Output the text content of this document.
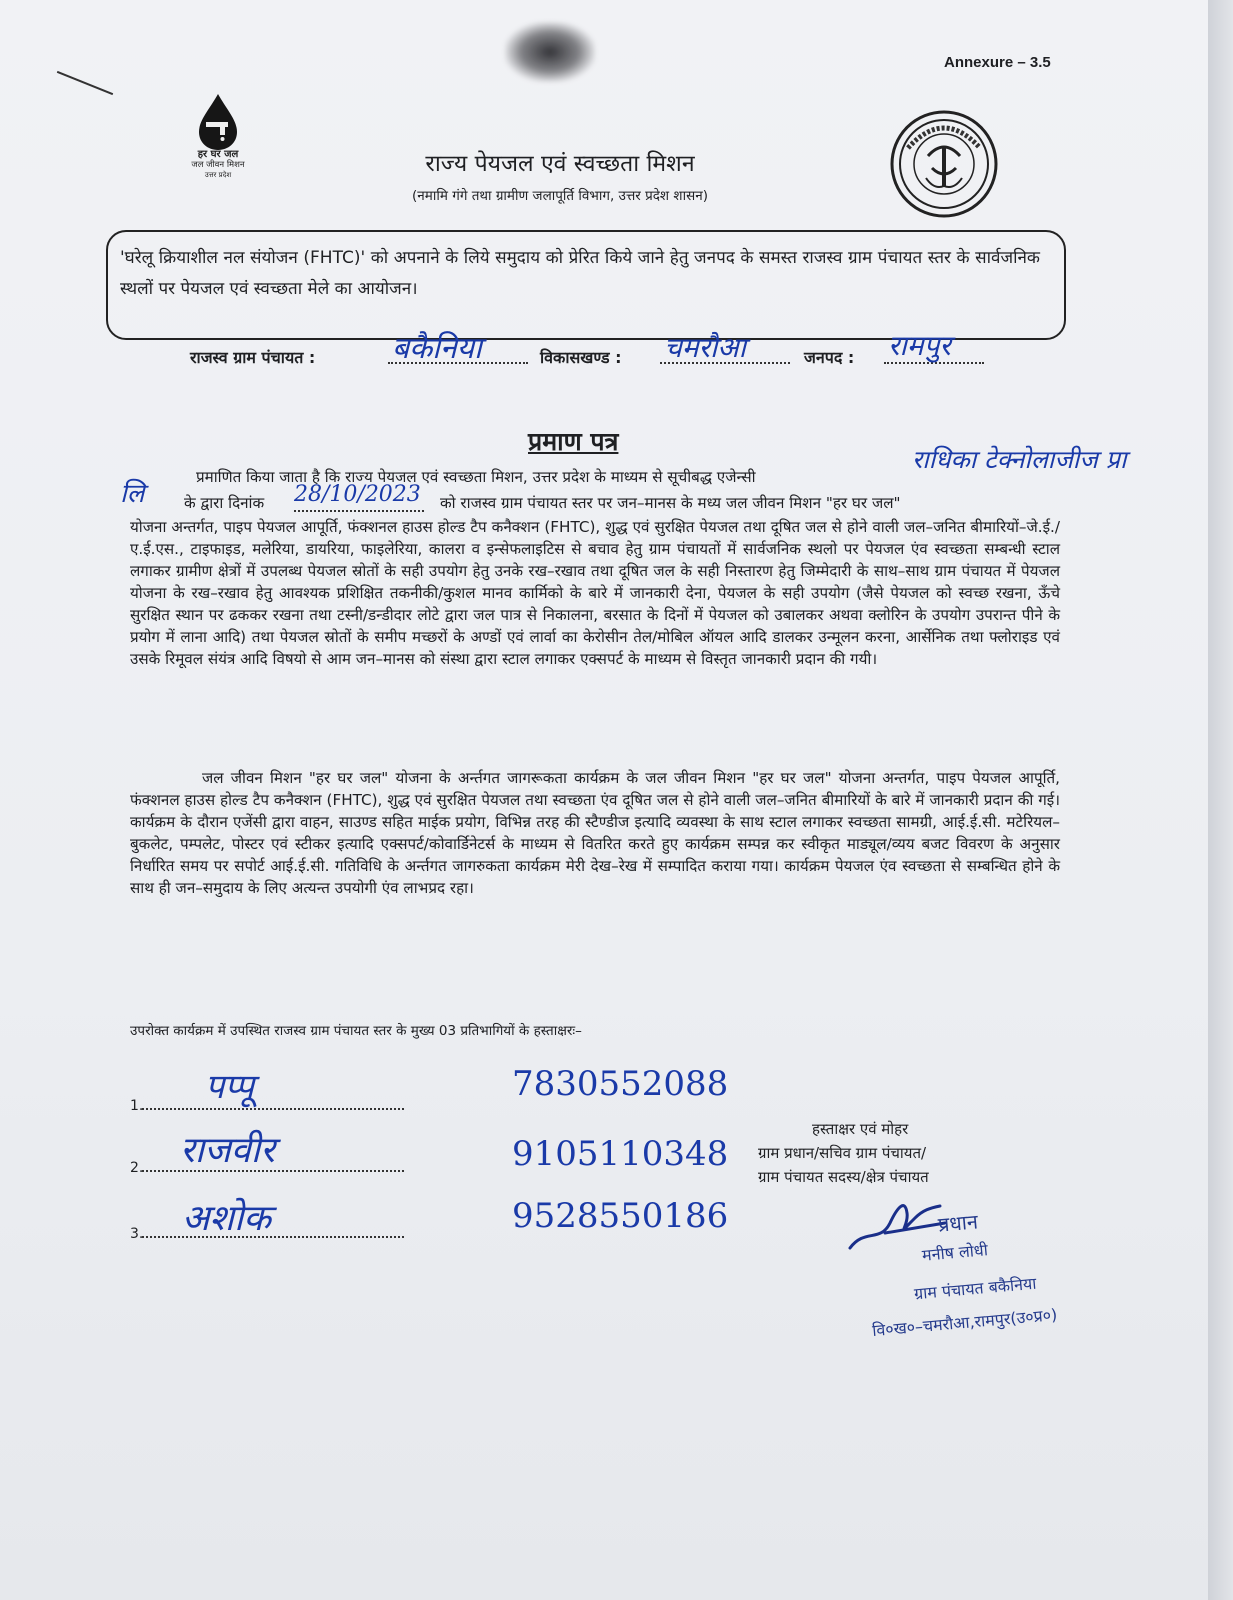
Annexure – 3.5
हर घर जल
जल जीवन मिशन
उत्तर प्रदेश	राज्य पेयजल एवं स्वच्छता मिशन
(नमामि गंगे तथा ग्रामीण जलापूर्ति विभाग, उत्तर प्रदेश शासन)
'घरेलू क्रियाशील नल संयोजन (FHTC)' को अपनाने के लिये समुदाय को प्रेरित किये जाने हेतु जनपद के समस्त राजस्व ग्राम पंचायत स्तर के सार्वजनिक स्थलों पर पेयजल एवं स्वच्छता मेले का आयोजन।
राजस्व ग्राम पंचायत :	बकैनिया	विकासखण्ड : चमरौआ	जनपद : रामपुर
प्रमाण पत्र
प्रमाणित किया जाता है कि राज्य पेयजल एवं स्वच्छता मिशन, उत्तर प्रदेश के माध्यम से सूचीबद्ध एजेन्सी
राधिका टेक्नोलाजीज प्रा
लि	के द्वारा दिनांक 28/10/2023 को राजस्व ग्राम पंचायत स्तर पर जन–मानस के मध्य जल जीवन मिशन "हर घर जल"
योजना अन्तर्गत, पाइप पेयजल आपूर्ति, फंक्शनल हाउस होल्ड टैप कनैक्शन (FHTC), शुद्ध एवं सुरक्षित पेयजल तथा दूषित जल से होने वाली जल–जनित बीमारियों–जे.ई./ए.ई.एस., टाइफाइड, मलेरिया, डायरिया, फाइलेरिया, कालरा व इन्सेफलाइटिस से बचाव हेतु ग्राम पंचायतों में सार्वजनिक स्थलो पर पेयजल एंव स्वच्छता सम्बन्धी स्टाल लगाकर ग्रामीण क्षेत्रों में उपलब्ध पेयजल स्रोतों के सही उपयोग हेतु उनके रख–रखाव तथा दूषित जल के सही निस्तारण हेतु जिम्मेदारी के साथ–साथ ग्राम पंचायत में पेयजल योजना के रख–रखाव हेतु आवश्यक प्रशिक्षित तकनीकी/कुशल मानव कार्मिको के बारे में जानकारी देना, पेयजल के सही उपयोग (जैसे पेयजल को स्वच्छ रखना, ऊँचे सुरक्षित स्थान पर ढककर रखना तथा टस्नी/डन्डीदार लोटे द्वारा जल पात्र से निकालना, बरसात के दिनों में पेयजल को उबालकर अथवा क्लोरिन के उपयोग उपरान्त पीने के प्रयोग में लाना आदि) तथा पेयजल स्रोतों के समीप मच्छरों के अण्डों एवं लार्वा का केरोसीन तेल/मोबिल ऑयल आदि डालकर उन्मूलन करना, आर्सेनिक तथा फ्लोराइड एवं उसके रिमूवल संयंत्र आदि विषयो से आम जन–मानस को संस्था द्वारा स्टाल लगाकर एक्सपर्ट के माध्यम से विस्तृत जानकारी प्रदान की गयी।
जल जीवन मिशन "हर घर जल" योजना के अर्न्तगत जागरूकता कार्यक्रम के जल जीवन मिशन "हर घर जल" योजना अन्तर्गत, पाइप पेयजल आपूर्ति, फंक्शनल हाउस होल्ड टैप कनैक्शन (FHTC), शुद्ध एवं सुरक्षित पेयजल तथा स्वच्छता एंव दूषित जल से होने वाली जल–जनित बीमारियों के बारे में जानकारी प्रदान की गई। कार्यक्रम के दौरान एजेंसी द्वारा वाहन, साउण्ड सहित माईक प्रयोग, विभिन्न तरह की स्टैण्डीज इत्यादि व्यवस्था के साथ स्टाल लगाकर स्वच्छता सामग्री, आई.ई.सी. मटेरियल–बुकलेट, पम्पलेट, पोस्टर एवं स्टीकर इत्यादि एक्सपर्ट/कोवार्डिनेटर्स के माध्यम से वितरित करते हुए कार्यक्रम सम्पन्न कर स्वीकृत माड्यूल/व्यय बजट विवरण के अनुसार निर्धारित समय पर सपोर्ट आई.ई.सी. गतिविधि के अर्न्तगत जागरुकता कार्यक्रम मेरी देख–रेख में सम्पादित कराया गया। कार्यक्रम पेयजल एंव स्वच्छता से सम्बन्धित होने के साथ ही जन–समुदाय के लिए अत्यन्त उपयोगी एंव लाभप्रद रहा।
उपरोक्त कार्यक्रम में उपस्थित राजस्व ग्राम पंचायत स्तर के मुख्य 03 प्रतिभागियों के हस्ताक्षरः–
1. पप्पू	7830552088
2. राजवीर	9105110348
3. अशोक	9528550186
हस्ताक्षर एवं मोहर
ग्राम प्रधान/सचिव ग्राम पंचायत/
ग्राम पंचायत सदस्य/क्षेत्र पंचायत
प्रधान
मनीष लोधी
ग्राम पंचायत बकैनिया
वि०ख०–चमरौआ,रामपुर(उ०प्र०)
